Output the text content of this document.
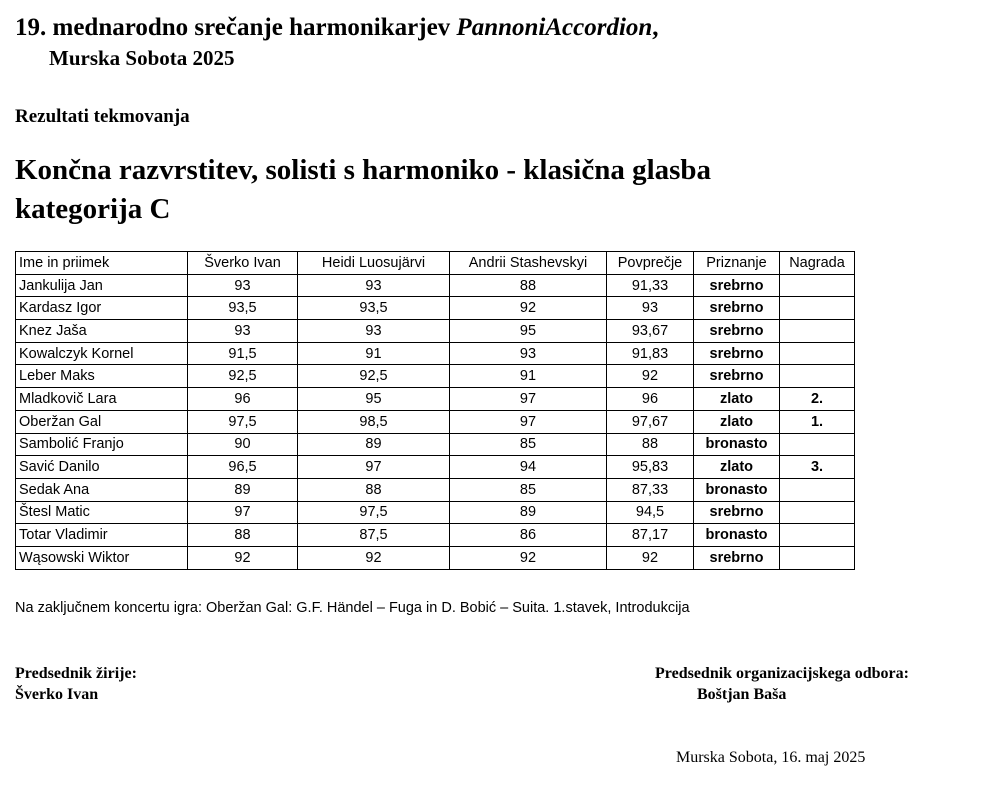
19. mednarodno srečanje harmonikarjev PannoniAccordion,
Murska Sobota 2025
Rezultati tekmovanja
Končna razvrstitev, solisti s harmoniko - klasična glasba
kategorija C
Ime in priimek	Šverko Ivan	Heidi Luosujärvi	Andrii Stashevskyi	Povprečje	Priznanje	Nagrada
Jankulija Jan	93	93	88	91,33	srebrno	
Kardasz Igor	93,5	93,5	92	93	srebrno	
Knez Jaša	93	93	95	93,67	srebrno	
Kowalczyk Kornel	91,5	91	93	91,83	srebrno	
Leber Maks	92,5	92,5	91	92	srebrno	
Mladkovič Lara	96	95	97	96	zlato	2.
Oberžan Gal	97,5	98,5	97	97,67	zlato	1.
Sambolić Franjo	90	89	85	88	bronasto	
Savić Danilo	96,5	97	94	95,83	zlato	3.
Sedak Ana	89	88	85	87,33	bronasto	
Štesl Matic	97	97,5	89	94,5	srebrno	
Totar Vladimir	88	87,5	86	87,17	bronasto	
Wąsowski Wiktor	92	92	92	92	srebrno	
Na zaključnem koncertu igra: Oberžan Gal: G.F. Händel – Fuga in D. Bobić – Suita. 1.stavek, Introdukcija
Predsednik žirije:
Šverko Ivan
Predsednik organizacijskega odbora:
Boštjan Baša
Murska Sobota, 16. maj 2025
